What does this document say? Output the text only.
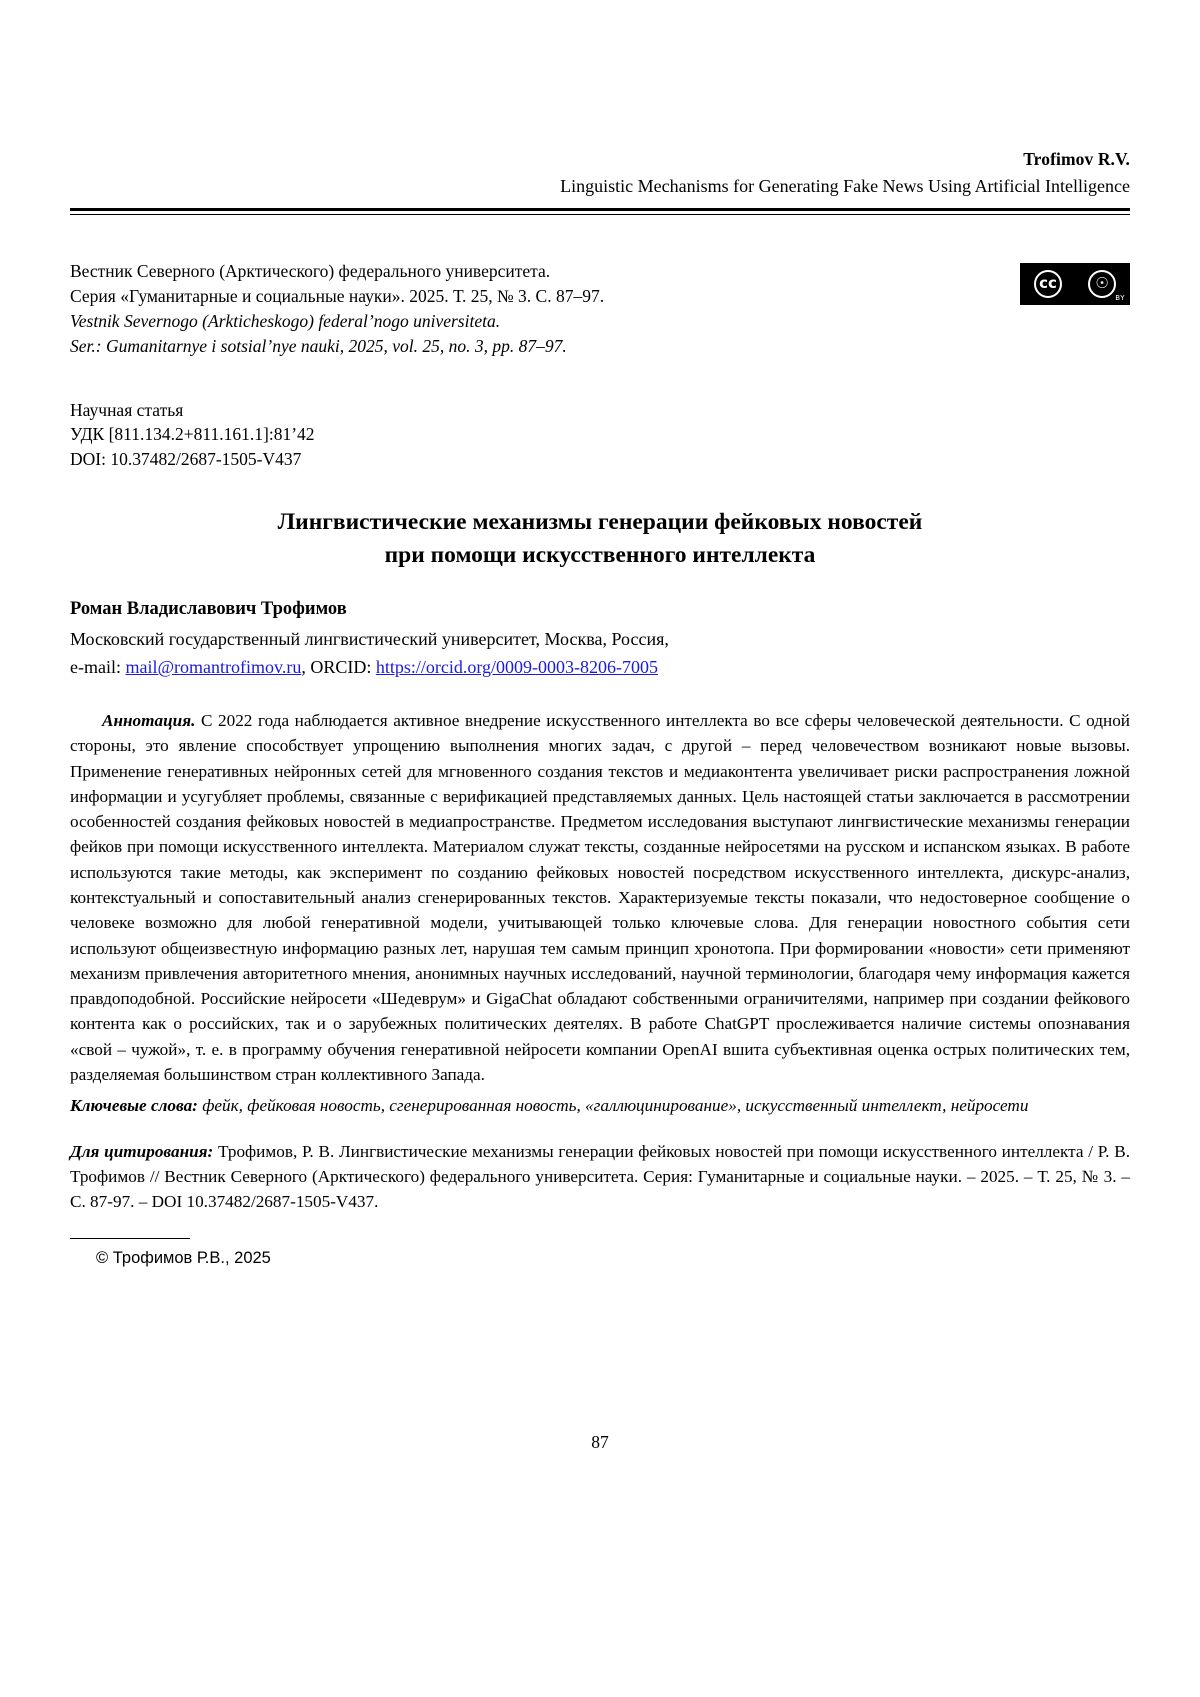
Trofimov R.V.
Linguistic Mechanisms for Generating Fake News Using Artificial Intelligence
Вестник Северного (Арктического) федерального университета.
Серия «Гуманитарные и социальные науки». 2025. Т. 25, № 3. С. 87–97.
Vestnik Severnogo (Arkticheskogo) federal’nogo universiteta.
Ser.: Gumanitarnye i sotsial’nye nauki, 2025, vol. 25, no. 3, pp. 87–97.
cc	☉
BY
Научная статья
УДК [811.134.2+811.161.1]:81’42
DOI: 10.37482/2687-1505-V437
Лингвистические механизмы генерации фейковых новостей
при помощи искусственного интеллекта
Роман Владиславович Трофимов
Московский государственный лингвистический университет, Москва, Россия,
e-mail: mail@romantrofimov.ru, ORCID: https://orcid.org/0009-0003-8206-7005
Аннотация. С 2022 года наблюдается активное внедрение искусственного интеллекта во все сферы человеческой деятельности. С одной стороны, это явление способствует упрощению выполнения многих задач, с другой – перед человечеством возникают новые вызовы. Применение генеративных нейронных сетей для мгновенного создания текстов и медиаконтента увеличивает риски распространения ложной информации и усугубляет проблемы, связанные с верификацией представляемых данных. Цель настоящей статьи заключается в рассмотрении особенностей создания фейковых новостей в медиапространстве. Предметом исследования выступают лингвистические механизмы генерации фейков при помощи искусственного интеллекта. Материалом служат тексты, созданные нейросетями на русском и испанском языках. В работе используются такие методы, как эксперимент по созданию фейковых новостей посредством искусственного интеллекта, дискурс-анализ, контекстуальный и сопоставительный анализ сгенерированных текстов. Характеризуемые тексты показали, что недостоверное сообщение о человеке возможно для любой генеративной модели, учитывающей только ключевые слова. Для генерации новостного события сети используют общеизвестную информацию разных лет, нарушая тем самым принцип хронотопа. При формировании «новости» сети применяют механизм привлечения авторитетного мнения, анонимных научных исследований, научной терминологии, благодаря чему информация кажется правдоподобной. Российские нейросети «Шедеврум» и GigaChat обладают собственными ограничителями, например при создании фейкового контента как о российских, так и о зарубежных политических деятелях. В работе ChatGPT прослеживается наличие системы опознавания «свой – чужой», т. е. в программу обучения генеративной нейросети компании OpenAI вшита субъективная оценка острых политических тем, разделяемая большинством стран коллективного Запада.
Ключевые слова: фейк, фейковая новость, сгенерированная новость, «галлюцинирование», искусственный интеллект, нейросети
Для цитирования: Трофимов, Р. В. Лингвистические механизмы генерации фейковых новостей при помощи искусственного интеллекта / Р. В. Трофимов // Вестник Северного (Арктического) федерального университета. Серия: Гуманитарные и социальные науки. – 2025. – Т. 25, № 3. – С. 87-97. – DOI 10.37482/2687-1505-V437.
© Трофимов Р.В., 2025
87
